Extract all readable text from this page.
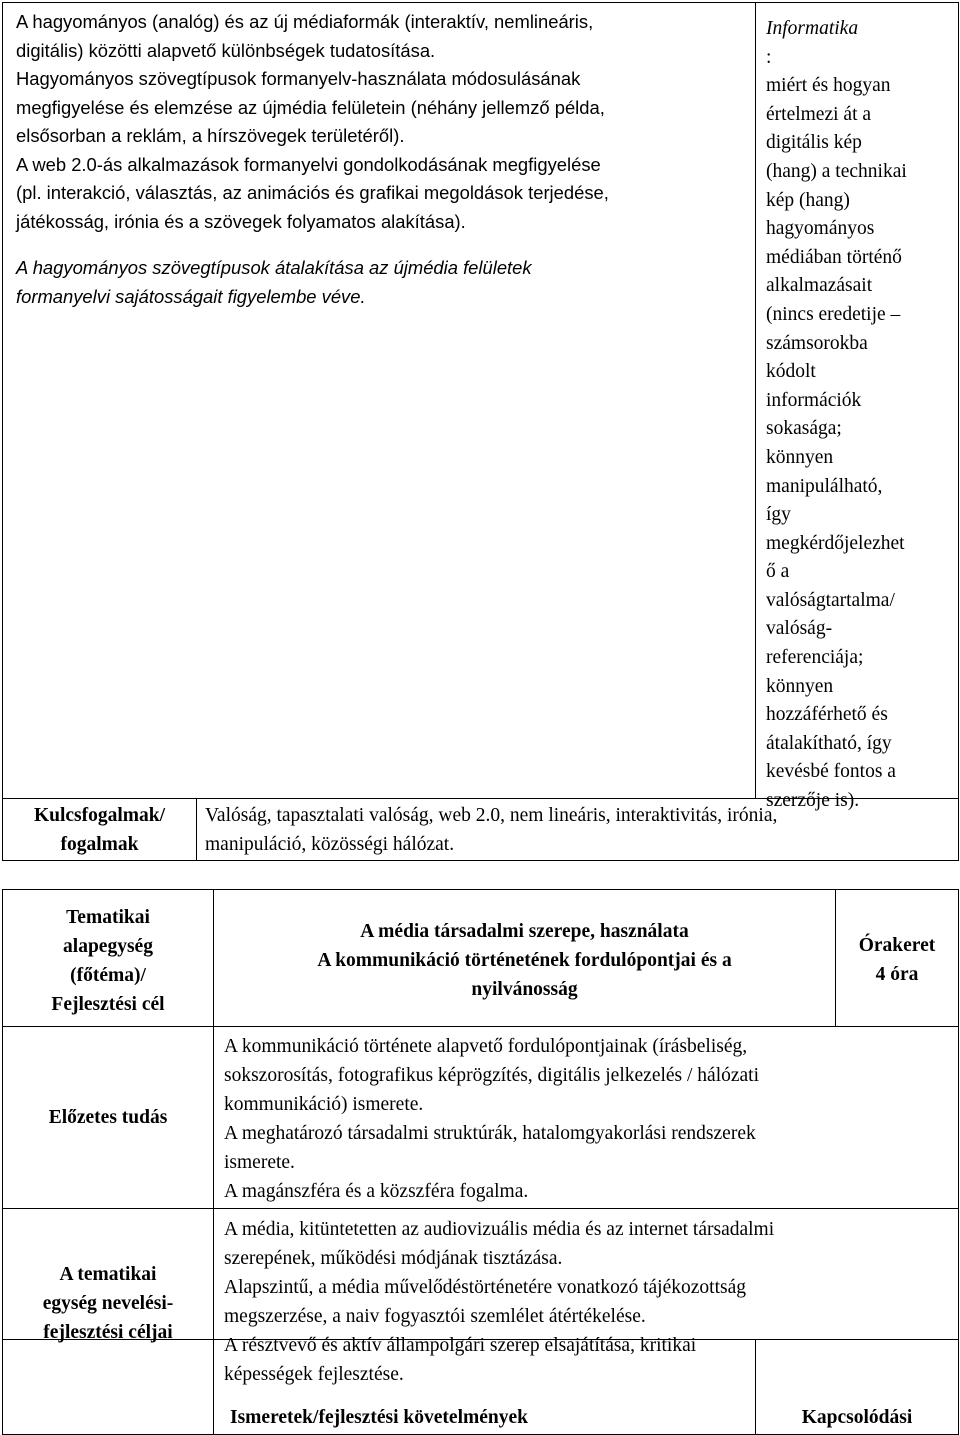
A hagyományos (analóg) és az új médiaformák (interaktív, nemlineáris,
digitális) közötti alapvető különbségek tudatosítása.
Hagyományos szövegtípusok formanyelv-használata módosulásának
megfigyelése és elemzése az újmédia felületein (néhány jellemző példa,
elsősorban a reklám, a hírszövegek területéről).
A web 2.0-ás alkalmazások formanyelvi gondolkodásának megfigyelése
(pl. interakció, választás, az animációs és grafikai megoldások terjedése,
játékosság, irónia és a szövegek folyamatos alakítása).
A hagyományos szövegtípusok átalakítása az újmédia felületek
formanyelvi sajátosságait figyelembe véve.
Informatika
:
miért és hogyan
értelmezi át a
digitális kép
(hang) a technikai
kép (hang)
hagyományos
médiában történő
alkalmazásait
(nincs eredetije –
számsorokba
kódolt
információk
sokasága;
könnyen
manipulálható,
így
megkérdőjelezhet
ő a
valóságtartalma/
valóság-
referenciája;
könnyen
hozzáférhető és
átalakítható, így
kevésbé fontos a
szerzője is).
Kulcsfogalmak/
fogalmak
Valóság, tapasztalati valóság, web 2.0, nem lineáris, interaktivitás, irónia,
manipuláció, közösségi hálózat.
Tematikai
alapegység
(főtéma)/
Fejlesztési cél
A média társadalmi szerepe, használata
A kommunikáció történetének fordulópontjai és a
nyilvánosság
Órakeret
4 óra
Előzetes tudás
A kommunikáció története alapvető fordulópontjainak (írásbeliség,
sokszorosítás, fotografikus képrögzítés, digitális jelkezelés / hálózati
kommunikáció) ismerete.
A meghatározó társadalmi struktúrák, hatalomgyakorlási rendszerek
ismerete.
A magánszféra és a közszféra fogalma.
A tematikai
egység nevelési-
fejlesztési céljai
A média, kitüntetetten az audiovizuális média és az internet társadalmi
szerepének, működési módjának tisztázása.
Alapszintű, a média művelődéstörténetére vonatkozó tájékozottság
megszerzése, a naiv fogyasztói szemlélet átértékelése.
A résztvevő és aktív állampolgári szerep elsajátítása, kritikai
képességek fejlesztése.
Ismeretek/fejlesztési követelmények	Kapcsolódási
